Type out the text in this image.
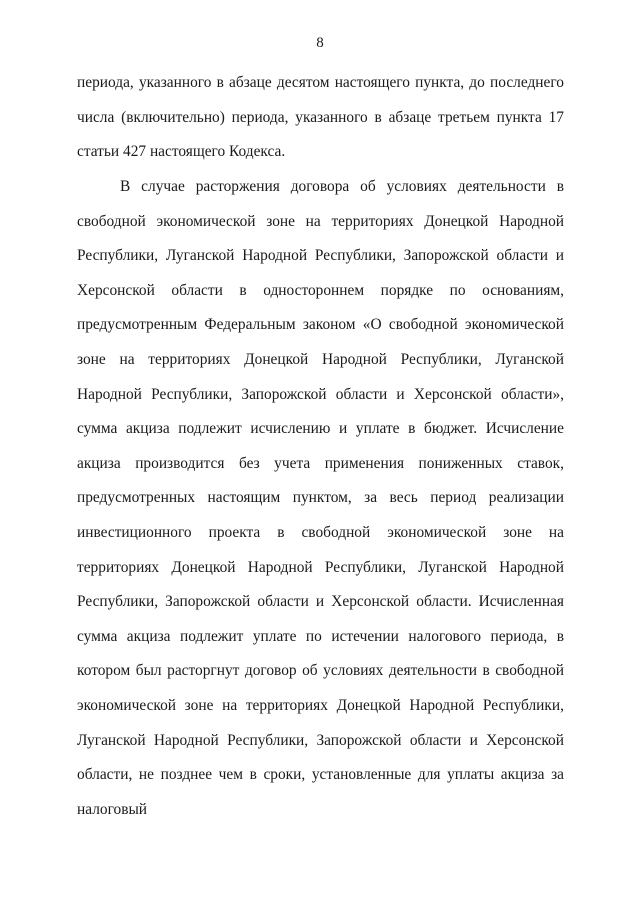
8

периода, указанного в абзаце десятом настоящего пункта, до последнего числа (включительно) периода, указанного в абзаце третьем пункта 17 статьи 427 настоящего Кодекса.

В случае расторжения договора об условиях деятельности в свободной экономической зоне на территориях Донецкой Народной Республики, Луганской Народной Республики, Запорожской области и Херсонской области в одностороннем порядке по основаниям, предусмотренным Федеральным законом «О свободной экономической зоне на территориях Донецкой Народной Республики, Луганской Народной Республики, Запорожской области и Херсонской области», сумма акциза подлежит исчислению и уплате в бюджет. Исчисление акциза производится без учета применения пониженных ставок, предусмотренных настоящим пунктом, за весь период реализации инвестиционного проекта в свободной экономической зоне на территориях Донецкой Народной Республики, Луганской Народной Республики, Запорожской области и Херсонской области. Исчисленная сумма акциза подлежит уплате по истечении налогового периода, в котором был расторгнут договор об условиях деятельности в свободной экономической зоне на территориях Донецкой Народной Республики, Луганской Народной Республики, Запорожской области и Херсонской области, не позднее чем в сроки, установленные для уплаты акциза за налоговый
